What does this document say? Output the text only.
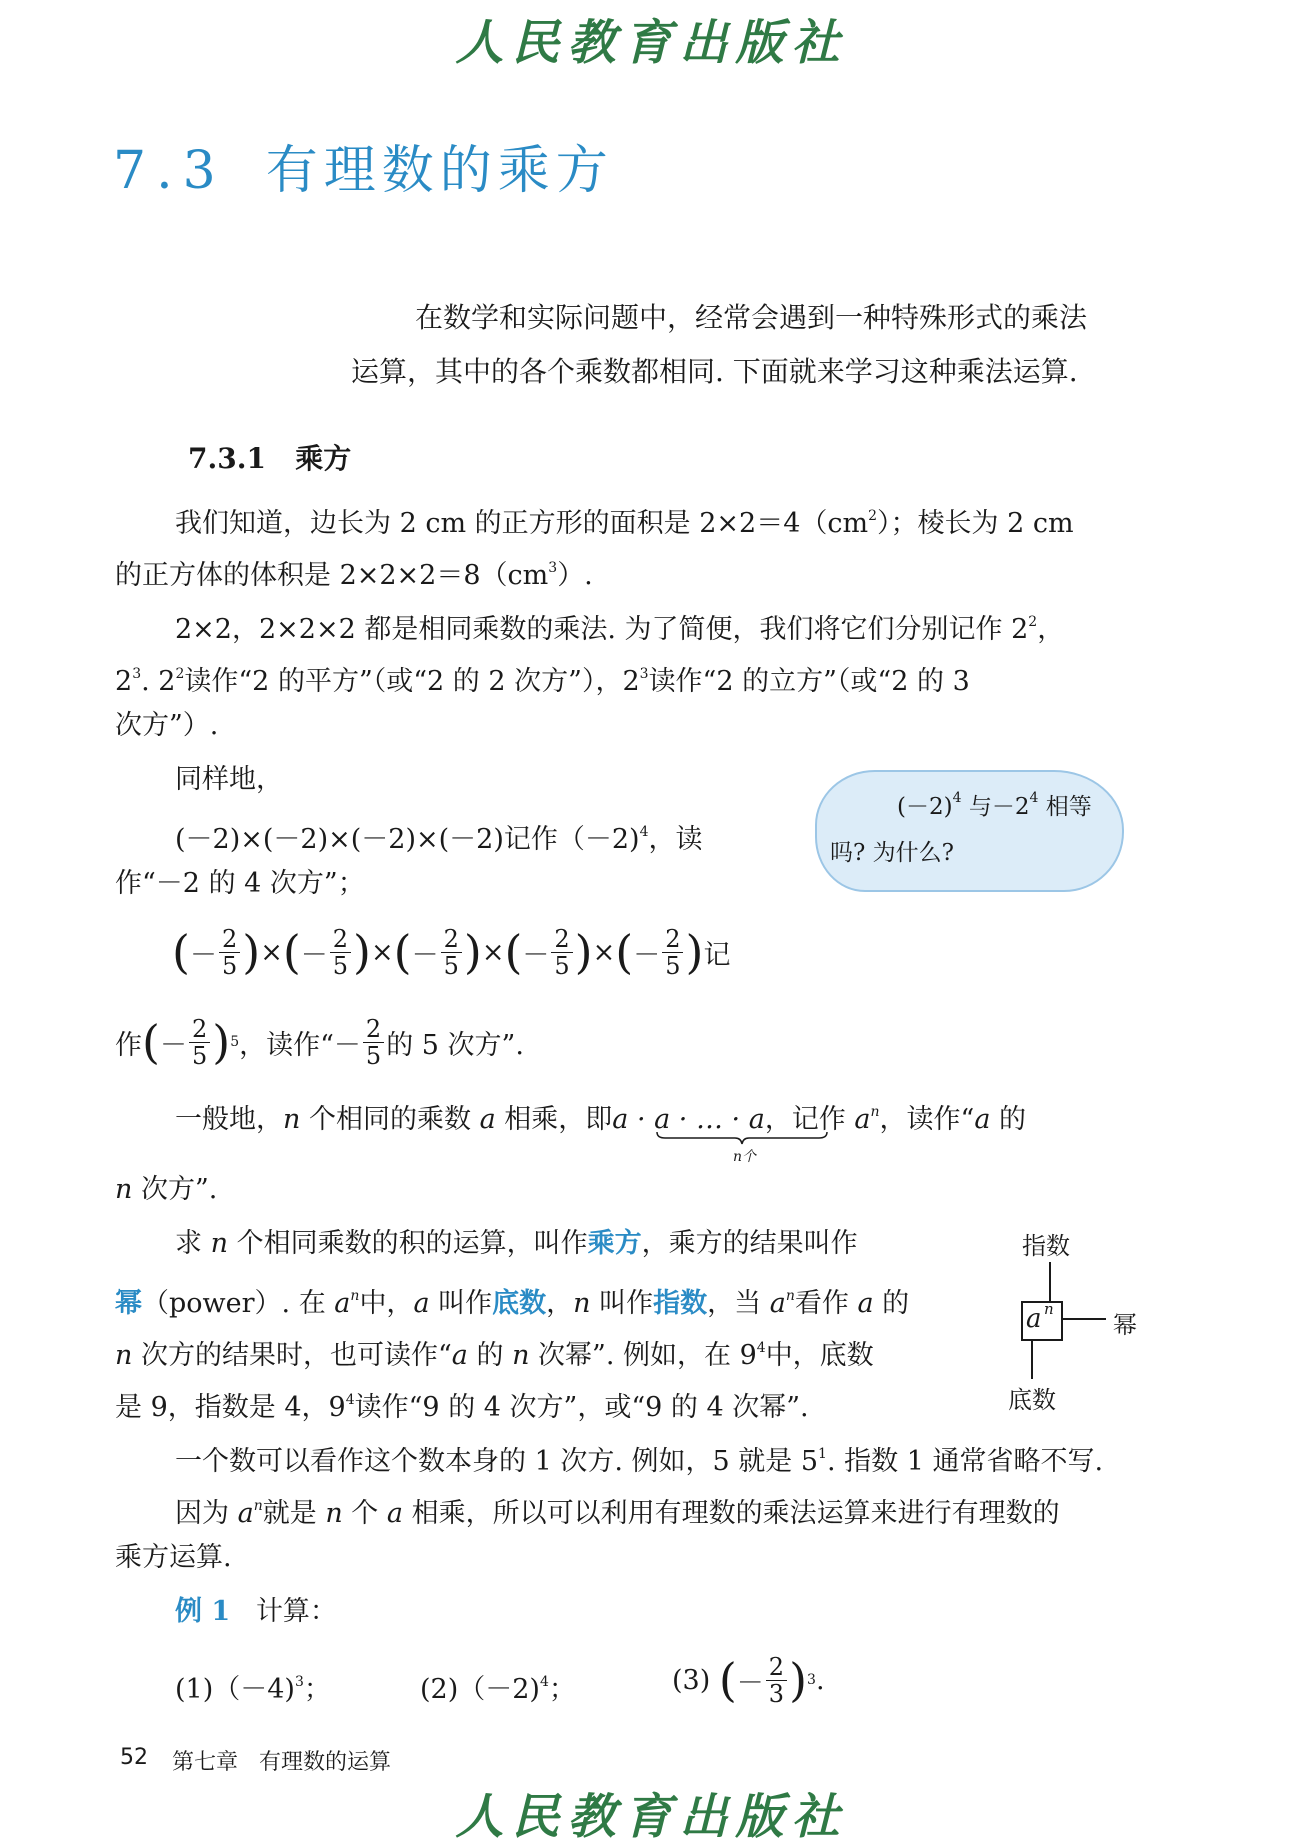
人民教育出版社
7.3 有理数的乘方
在数学和实际问题中，经常会遇到一种特殊形式的乘法
运算，其中的各个乘数都相同. 下面就来学习这种乘法运算.
7.3.1 乘方
我们知道，边长为 2 cm 的正方形的面积是 $2\times 2=4(cm^2)$；棱长为 2 cm
的正方体的体积是 $2\times 2\times 2=8(cm^3)$.
2×2，2×2×2 都是相同乘数的乘法. 为了简便，我们将它们分别记作 $2^2$，
$2^3$. $2^2$读作“2 的平方”（或“2 的 2 次方”），$2^3$读作“2 的立方”（或“2 的 3
次方”）.
同样地，
(－2)×(－2)×(－2)×(－2)记作（－2)$^4$，读
作“－2 的 4 次方”；
( － $\frac{2}{5}$ ) × ( － $\frac{2}{5}$ ) × ( － $\frac{2}{5}$ ) × ( － $\frac{2}{5}$ ) × ( － $\frac{2}{5}$ ) 记
作 ( － $\frac{2}{5}$ ) 5 ，读作“－ $\frac{2}{5}$ 的 5 次方”.
$(-2)^4$ 与$-2^4$ 相等
吗? 为什么?
一般地，n 个相同的乘数 a 相乘，即a · a · … · a，记作 $a^n$，读作“a 的
n个
n 次方”.
求 n 个相同乘数的积的运算，叫作乘方，乘方的结果叫作
幂（power）. 在 $a^n$中，a 叫作底数，n 叫作指数，当 $a^n$看作 a 的
n 次方的结果时，也可读作“a 的 n 次幂”. 例如，在 $9^4$中，底数
是 9，指数是 4，$9^4$读作“9 的 4 次方”，或“9 的 4 次幂”.
指数
a n
幂
底数
一个数可以看作这个数本身的 1 次方. 例如，5 就是 $5^1$. 指数 1 通常省略不写.
因为 $a^n$就是 n 个 a 相乘，所以可以利用有理数的乘法运算来进行有理数的
乘方运算.
例 1 计算：
(1)（－4)$^3$；	(2)（－2)$^4$；	(3)
( － $\frac{2}{3}$ ) 3 .
52 第七章 有理数的运算
人民教育出版社
